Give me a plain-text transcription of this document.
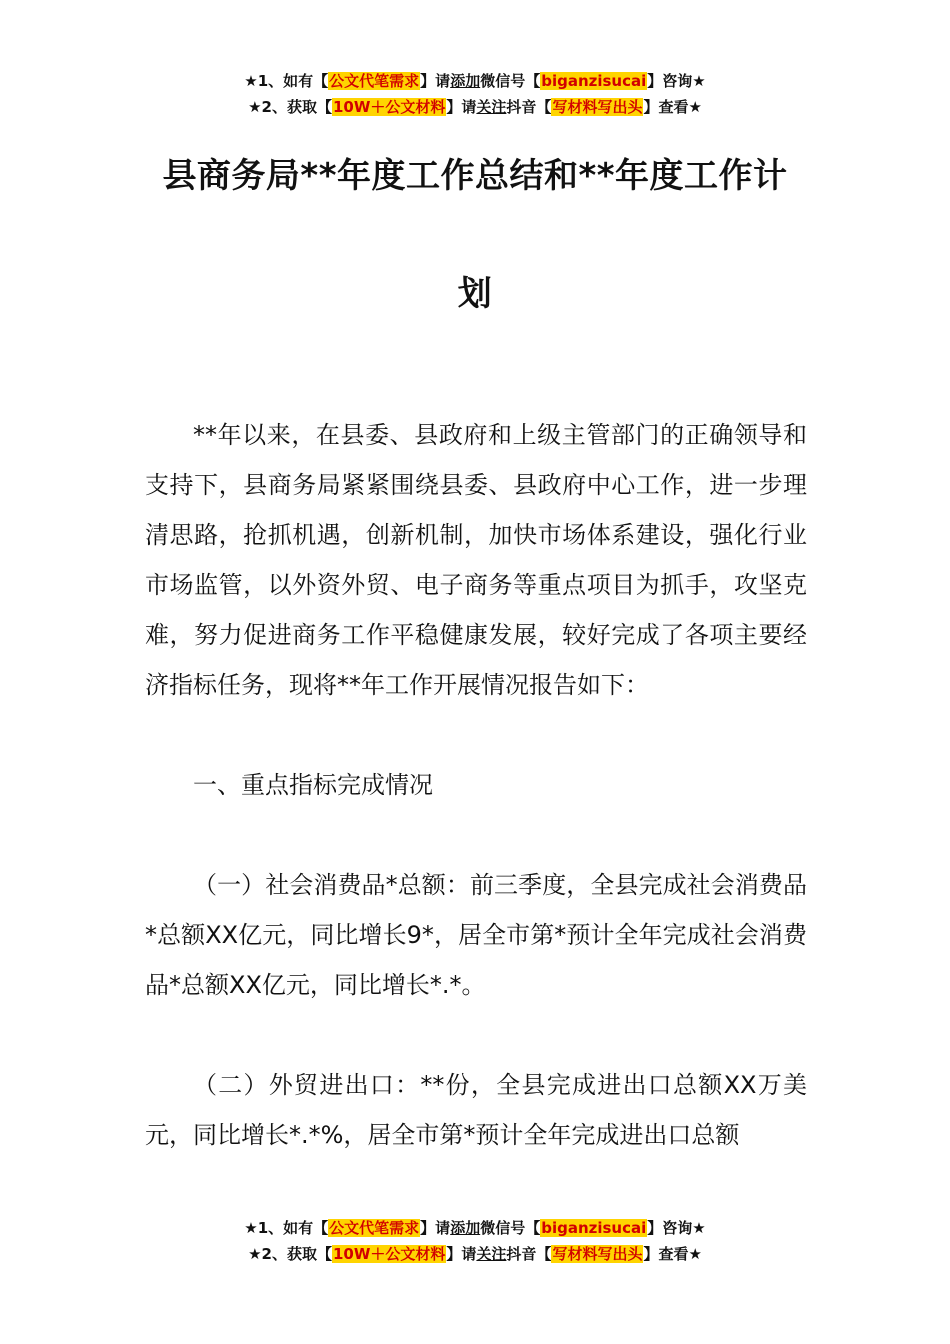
★1、如有【公文代笔需求】请添加微信号【biganzisucai】咨询★
★2、获取【10W＋公文材料】请关注抖音【写材料写出头】查看★
县商务局**年度工作总结和**年度工作计
划

**年以来，在县委、县政府和上级主管部门的正确领导和支持下，县商务局紧紧围绕县委、县政府中心工作，进一步理清思路，抢抓机遇，创新机制，加快市场体系建设，强化行业市场监管，以外资外贸、电子商务等重点项目为抓手，攻坚克难，努力促进商务工作平稳健康发展，较好完成了各项主要经济指标任务，现将**年工作开展情况报告如下：

一、重点指标完成情况

（一）社会消费品*总额：前三季度，全县完成社会消费品*总额XX亿元，同比增长9*，居全市第*预计全年完成社会消费品*总额XX亿元，同比增长*.*。

（二）外贸进出口：**份，全县完成进出口总额XX万美元，同比增长*.*%，居全市第*预计全年完成进出口总额

★1、如有【公文代笔需求】请添加微信号【biganzisucai】咨询★
★2、获取【10W＋公文材料】请关注抖音【写材料写出头】查看★
